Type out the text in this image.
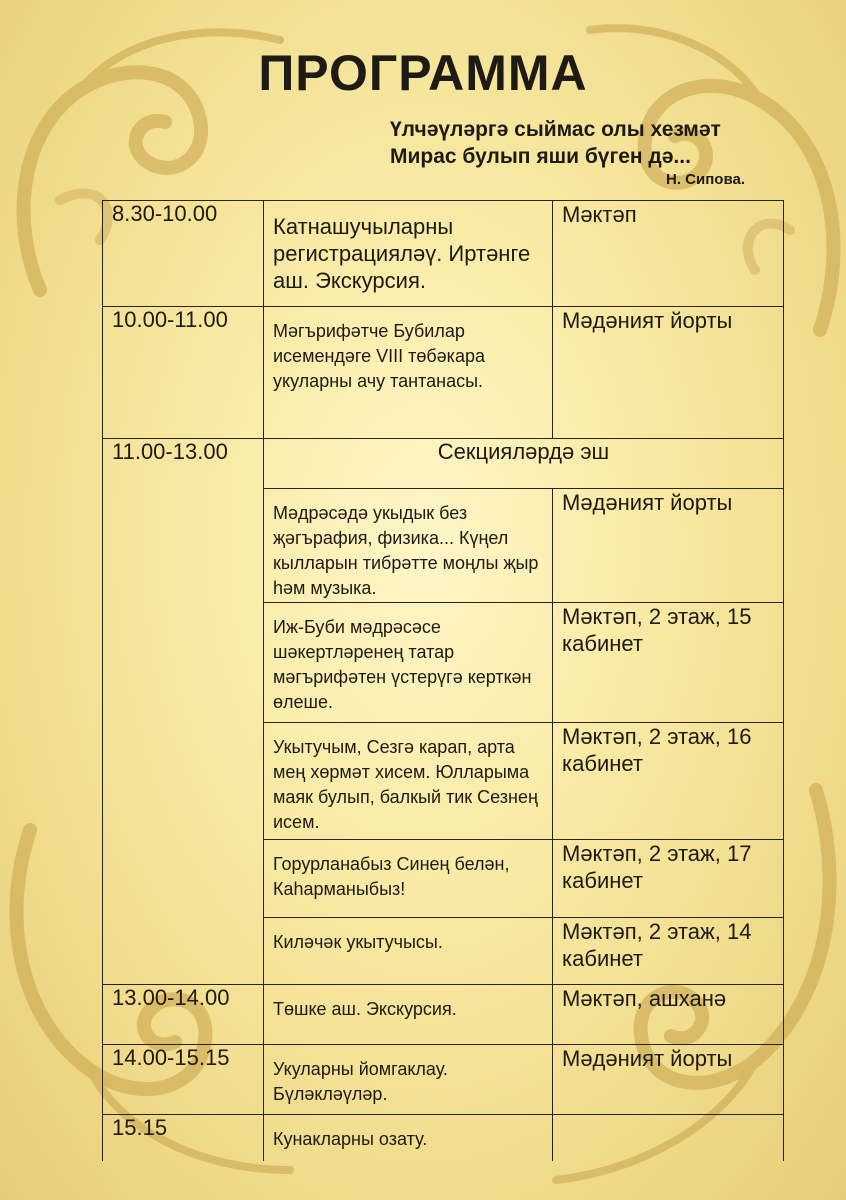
ПРОГРАММА
Үлчәүләргә сыймас олы хезмәт
Мирас булып яши бүген дә...
Н. Сипова.
8.30-10.00	Катнашучыларны регистрацияләү. Иртәнге аш. Экскурсия.	Мәктәп
10.00-11.00	Мәгърифәтче Бубилар исемендәге VIII төбәкара укуларны ачу тантанасы.	Мәдәният йорты
11.00-13.00	Секцияләрдә эш	
	Мәдрәсәдә укыдык без җәгърафия, физика... Күңел кылларын тибрәтте моңлы җыр һәм музыка.	Мәдәният йорты
	Иж-Буби мәдрәсәсе шәкертләренең татар мәгърифәтен үстерүгә керткән өлеше.	Мәктәп, 2 этаж, 15 кабинет
	Укытучым, Сезгә карап, арта мең хөрмәт хисем. Юлларыма маяк булып, балкый тик Сезнең исем.	Мәктәп, 2 этаж, 16 кабинет
	Горурланабыз Синең белән, Каһарманыбыз!	Мәктәп, 2 этаж, 17 кабинет
	Киләчәк укытучысы.	Мәктәп, 2 этаж, 14 кабинет
13.00-14.00	Төшке аш. Экскурсия.	Мәктәп, ашханә
14.00-15.15	Укуларны йомгаклау. Бүләкләүләр.	Мәдәният йорты
15.15	Кунакларны озату.	
